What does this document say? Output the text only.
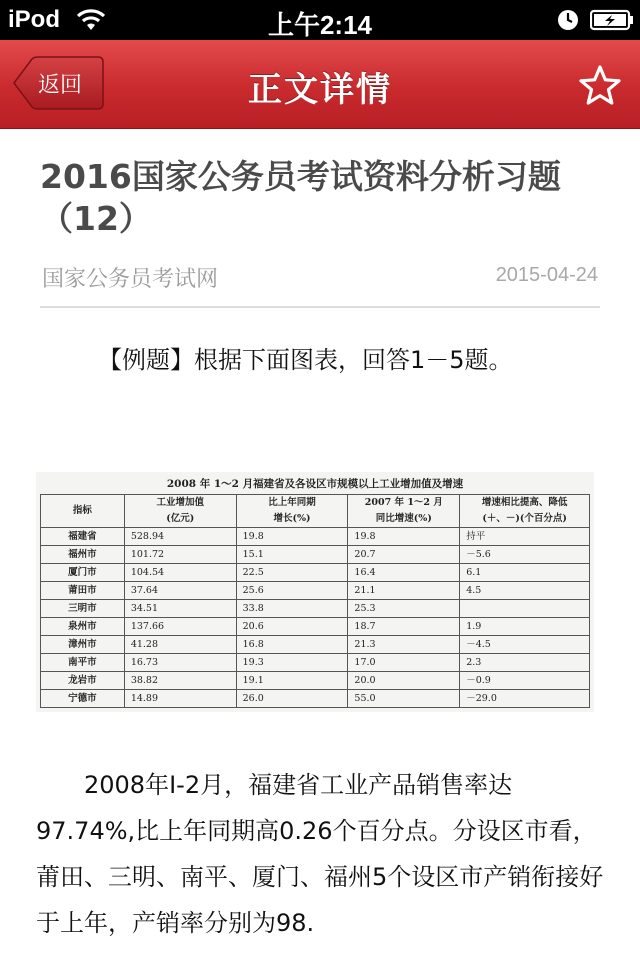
iPod	上午2:14
返回	正文详情
2016国家公务员考试资料分析习题（12）
国家公务员考试网	2015-04-24
【例题】根据下面图表，回答1－5题。
2008 年 1～2 月福建省及各设区市规模以上工业增加值及增速
指标	工业增加值	比上年同期	2007 年 1～2 月	增速相比提高、降低
	(亿元)	增长(%)	同比增速(%)	(＋、－)(个百分点)
福建省	528.94	19.8	19.8	持平
福州市	101.72	15.1	20.7	－5.6
厦门市	104.54	22.5	16.4	6.1
莆田市	37.64	25.6	21.1	4.5
三明市	34.51	33.8	25.3	
泉州市	137.66	20.6	18.7	1.9
漳州市	41.28	16.8	21.3	－4.5
南平市	16.73	19.3	17.0	2.3
龙岩市	38.82	19.1	20.0	－0.9
宁德市	14.89	26.0	55.0	－29.0

2008年I-2月，福建省工业产品销售率达97.74%,比上年同期高0.26个百分点。分设区市看，莆田、三明、南平、厦门、福州5个设区市产销衔接好于上年，产销率分别为98.
